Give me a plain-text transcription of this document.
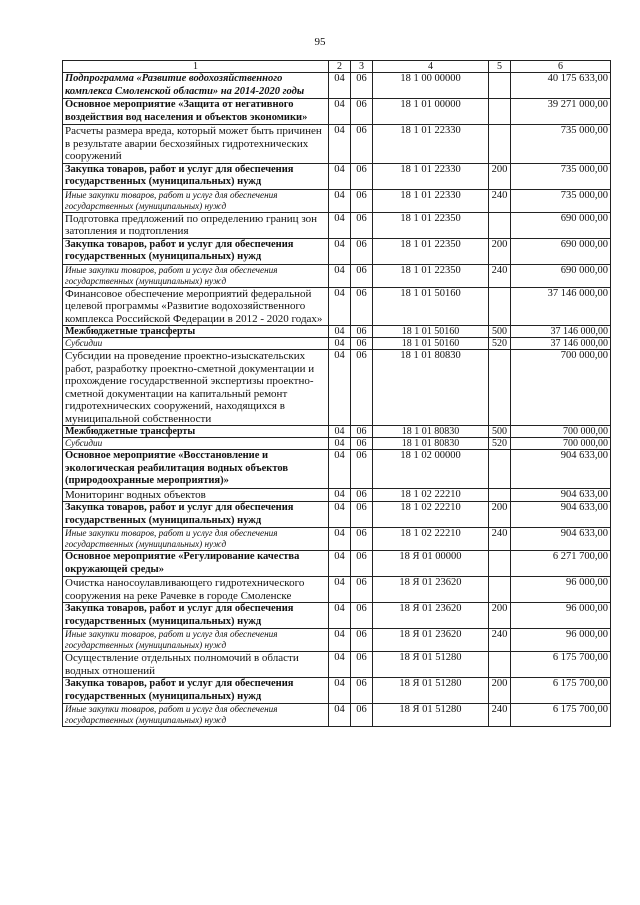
95
1	2	3	4	5	6
Подпрограмма «Развитие водохозяйственного комплекса Смоленской области» на 2014-2020 годы	04	06	18 1 00 00000		40 175 633,00
Основное мероприятие «Защита от негативного воздействия вод населения и объектов экономики»	04	06	18 1 01 00000		39 271 000,00
Расчеты размера вреда, который может быть причинен в результате аварии бесхозяйных гидротехнических сооружений	04	06	18 1 01 22330		735 000,00
Закупка товаров, работ и услуг для обеспечения государственных (муниципальных) нужд	04	06	18 1 01 22330	200	735 000,00
Иные закупки товаров, работ и услуг для обеспечения государственных (муниципальных) нужд	04	06	18 1 01 22330	240	735 000,00
Подготовка предложений по определению границ зон затопления и подтопления	04	06	18 1 01 22350		690 000,00
Закупка товаров, работ и услуг для обеспечения государственных (муниципальных) нужд	04	06	18 1 01 22350	200	690 000,00
Иные закупки товаров, работ и услуг для обеспечения государственных (муниципальных) нужд	04	06	18 1 01 22350	240	690 000,00
Финансовое обеспечение мероприятий федеральной целевой программы «Развитие водохозяйственного комплекса Российской Федерации в 2012 - 2020 годах»	04	06	18 1 01 50160		37 146 000,00
Межбюджетные трансферты	04	06	18 1 01 50160	500	37 146 000,00
Субсидии	04	06	18 1 01 50160	520	37 146 000,00
Субсидии на проведение проектно-изыскательских работ, разработку проектно-сметной документации и прохождение государственной экспертизы проектно-сметной документации на капитальный ремонт гидротехнических сооружений, находящихся в муниципальной собственности	04	06	18 1 01 80830		700 000,00
Межбюджетные трансферты	04	06	18 1 01 80830	500	700 000,00
Субсидии	04	06	18 1 01 80830	520	700 000,00
Основное мероприятие «Восстановление и экологическая реабилитация водных объектов (природоохранные мероприятия)»	04	06	18 1 02 00000		904 633,00
Мониторинг водных объектов	04	06	18 1 02 22210		904 633,00
Закупка товаров, работ и услуг для обеспечения государственных (муниципальных) нужд	04	06	18 1 02 22210	200	904 633,00
Иные закупки товаров, работ и услуг для обеспечения государственных (муниципальных) нужд	04	06	18 1 02 22210	240	904 633,00
Основное мероприятие «Регулирование качества окружающей среды»	04	06	18 Я 01 00000		6 271 700,00
Очистка наносоулавливающего гидротехнического сооружения на реке Рачевке в городе Смоленске	04	06	18 Я 01 23620		96 000,00
Закупка товаров, работ и услуг для обеспечения государственных (муниципальных) нужд	04	06	18 Я 01 23620	200	96 000,00
Иные закупки товаров, работ и услуг для обеспечения государственных (муниципальных) нужд	04	06	18 Я 01 23620	240	96 000,00
Осуществление отдельных полномочий в области водных отношений	04	06	18 Я 01 51280		6 175 700,00
Закупка товаров, работ и услуг для обеспечения государственных (муниципальных) нужд	04	06	18 Я 01 51280	200	6 175 700,00
Иные закупки товаров, работ и услуг для обеспечения государственных (муниципальных) нужд	04	06	18 Я 01 51280	240	6 175 700,00
